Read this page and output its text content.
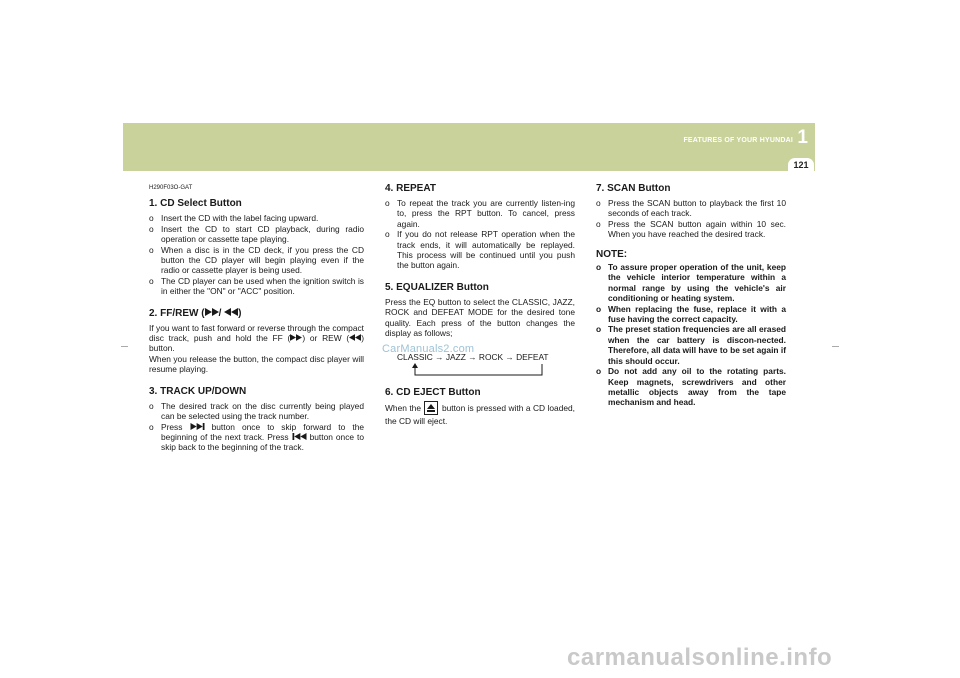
FEATURES OF YOUR HYUNDAI 1
121
H290F03O-GAT
1. CD Select Button
o Insert the CD with the label facing upward.
o Insert the CD to start CD playback, during radio operation or cassette tape playing.
o When a disc is in the CD deck, if you press the CD button the CD player will begin playing even if the radio or cassette player is being used.
o The CD player can be used when the ignition switch is in either the "ON" or "ACC" position.
2. FF/REW ( / )

If you want to fast forward or reverse through the compact disc track, push and hold the FF ( ) or REW ( ) button.

When you release the button, the compact disc player will resume playing.

3. TRACK UP/DOWN
o The desired track on the disc currently being played can be selected using the track number.
o Press	button once to skip forward to the beginning of the next track. Press	button once to skip back to the beginning of the track.
4. REPEAT
o To repeat the track you are currently listen-ing to, press the RPT button. To cancel, press again.
o If you do not release RPT operation when the track ends, it will automatically be replayed. This process will be continued until you push the button again.
5. EQUALIZER Button

Press the EQ button to select the CLASSIC, JAZZ, ROCK and DEFEAT MODE for the desired tone quality. Each press of the button changes the display as follows;

CLASSIC → JAZZ → ROCK → DEFEAT
6. CD EJECT Button

When the button is pressed with a CD loaded, the CD will eject.

7. SCAN Button
o Press the SCAN button to playback the first 10 seconds of each track.
o Press the SCAN button again within 10 sec. When you have reached the desired track.
NOTE:
o To assure proper operation of the unit, keep the vehicle interior temperature within a normal range by using the vehicle's air conditioning or heating system.
o When replacing the fuse, replace it with a fuse having the correct capacity.
o The preset station frequencies are all erased when the car battery is discon-nected. Therefore, all data will have to be set again if this should occur.
o Do not add any oil to the rotating parts. Keep magnets, screwdrivers and other metallic objects away from the tape mechanism and head.
CarManuals2.com
carmanualsonline.info
